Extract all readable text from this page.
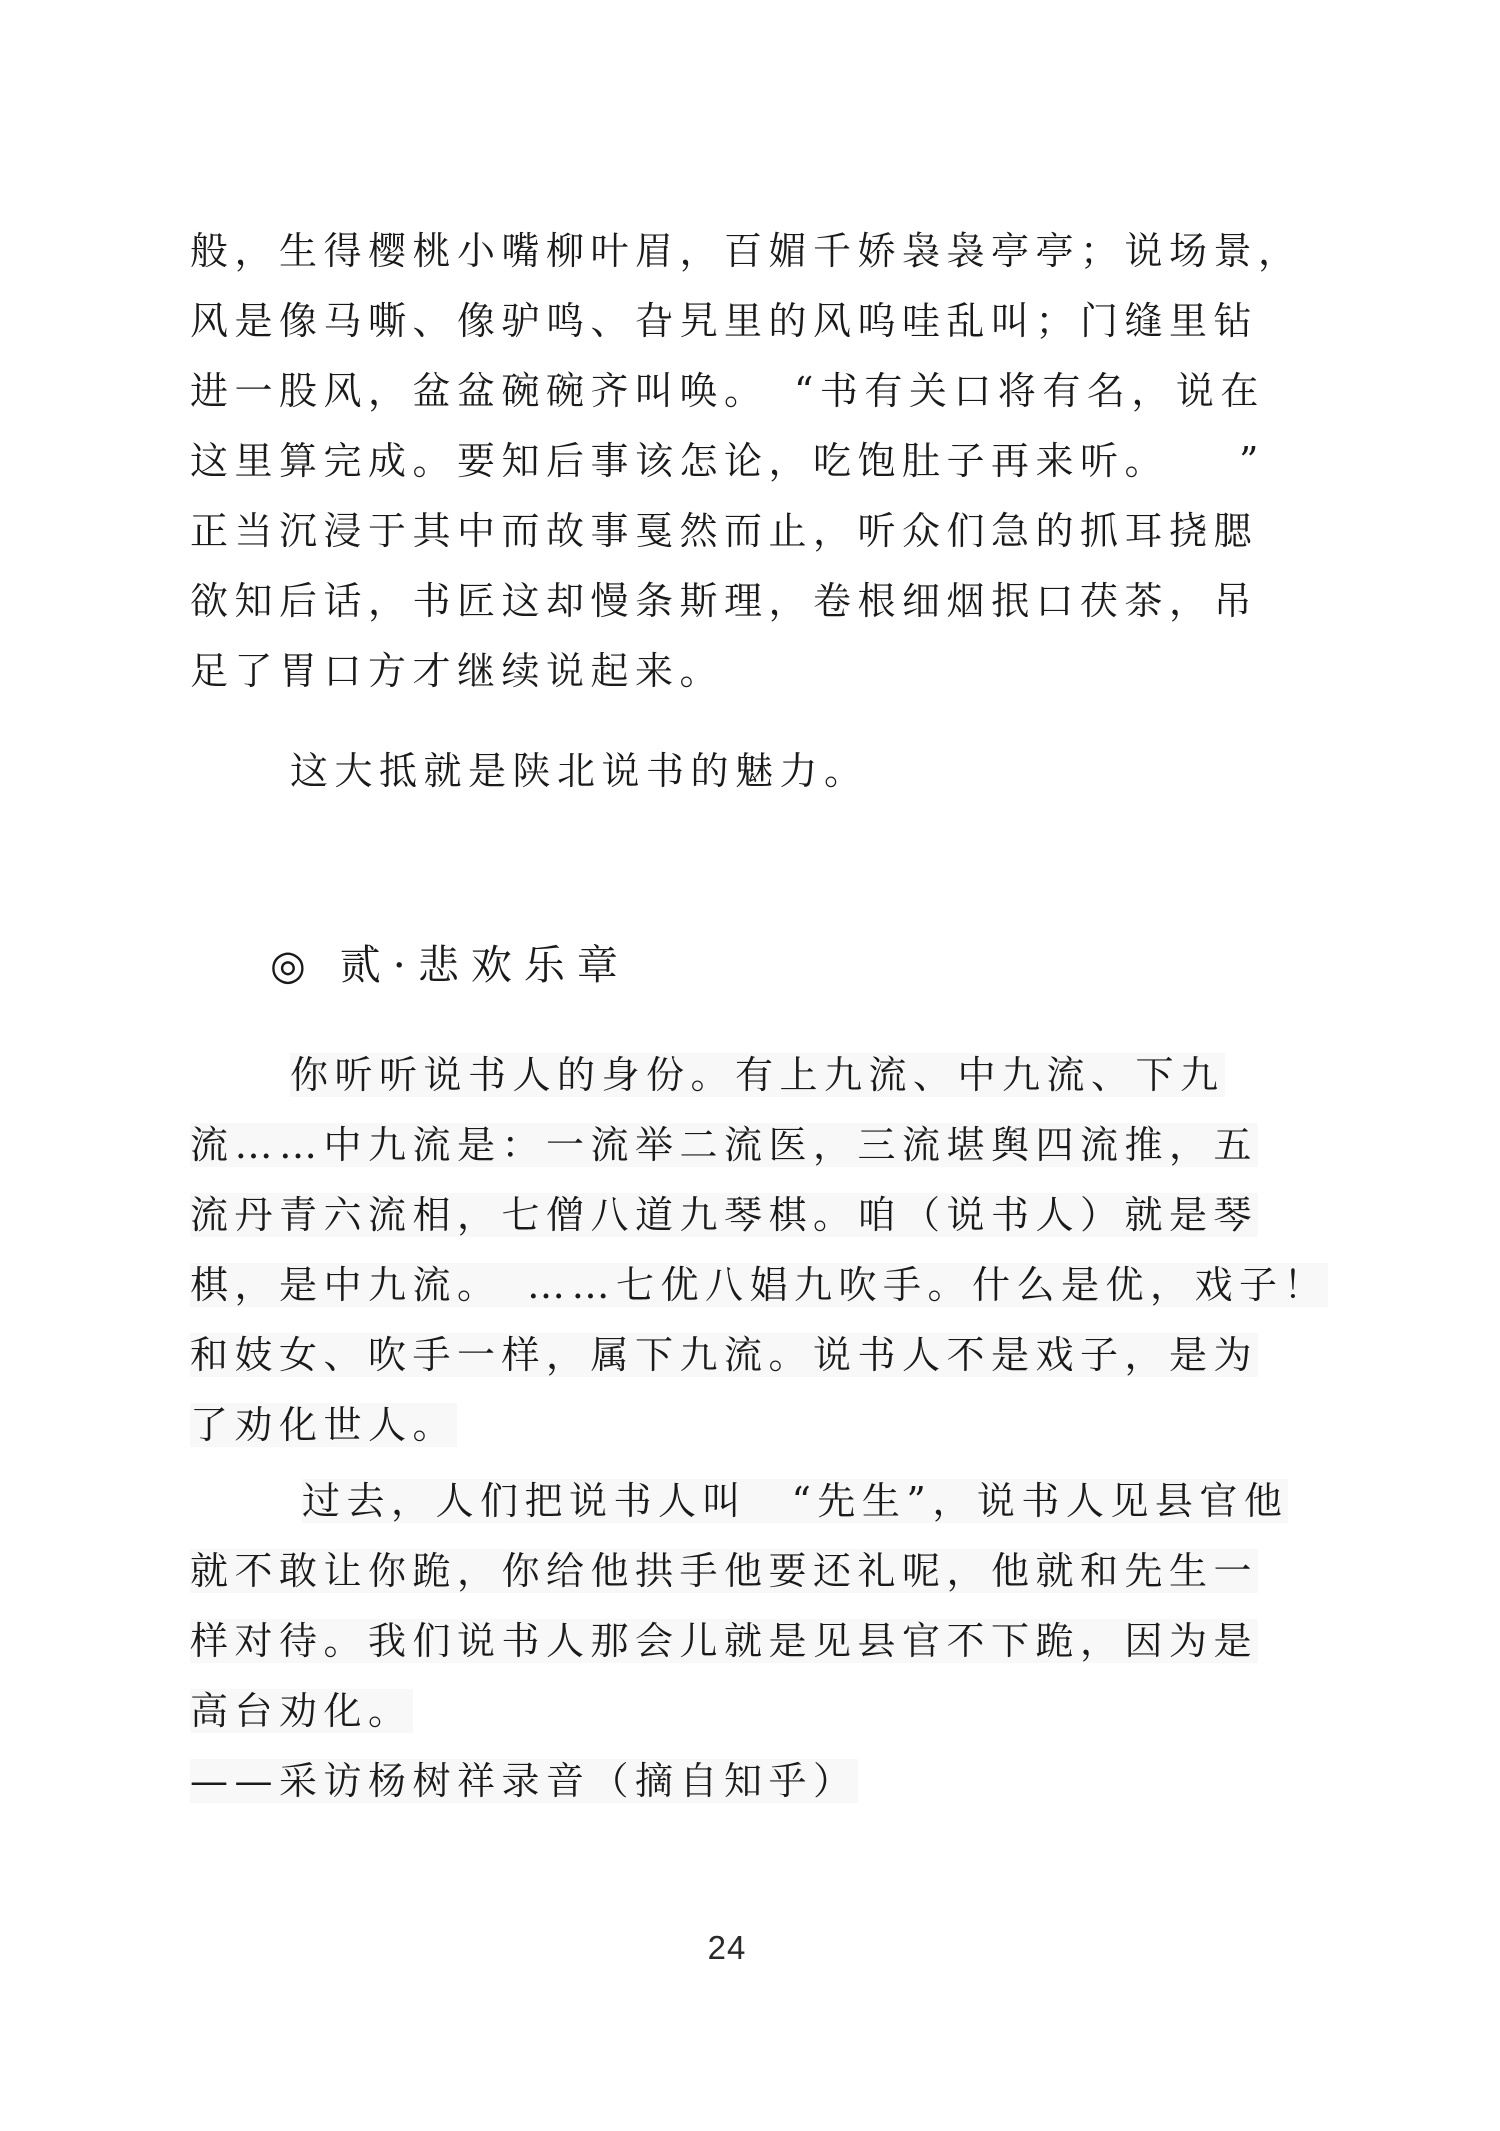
般，生得樱桃小嘴柳叶眉，百媚千娇袅袅亭亭；说场景，
风是像马嘶、像驴鸣、旮旯里的风呜哇乱叫；门缝里钻
进一股风，盆盆碗碗齐叫唤。　“书有关口将有名，说在
这里算完成。要知后事该怎论，吃饱肚子再来听。　　”
正当沉浸于其中而故事戛然而止，听众们急的抓耳挠腮
欲知后话，书匠这却慢条斯理，卷根细烟抿口茯茶，吊
足了胃口方才继续说起来。
这大抵就是陕北说书的魅力。
◎ 贰·悲欢乐章
你听听说书人的身份。有上九流、中九流、下九
流……中九流是：一流举二流医，三流堪舆四流推，五
流丹青六流相，七僧八道九琴棋。咱（说书人）就是琴
棋，是中九流。　……七优八娼九吹手。什么是优，戏子！
和妓女、吹手一样，属下九流。说书人不是戏子，是为
了劝化世人。
过去，人们把说书人叫　“先生”，说书人见县官他
就不敢让你跪，你给他拱手他要还礼呢，他就和先生一
样对待。我们说书人那会儿就是见县官不下跪，因为是
高台劝化。
——采访杨树祥录音（摘自知乎）
24
